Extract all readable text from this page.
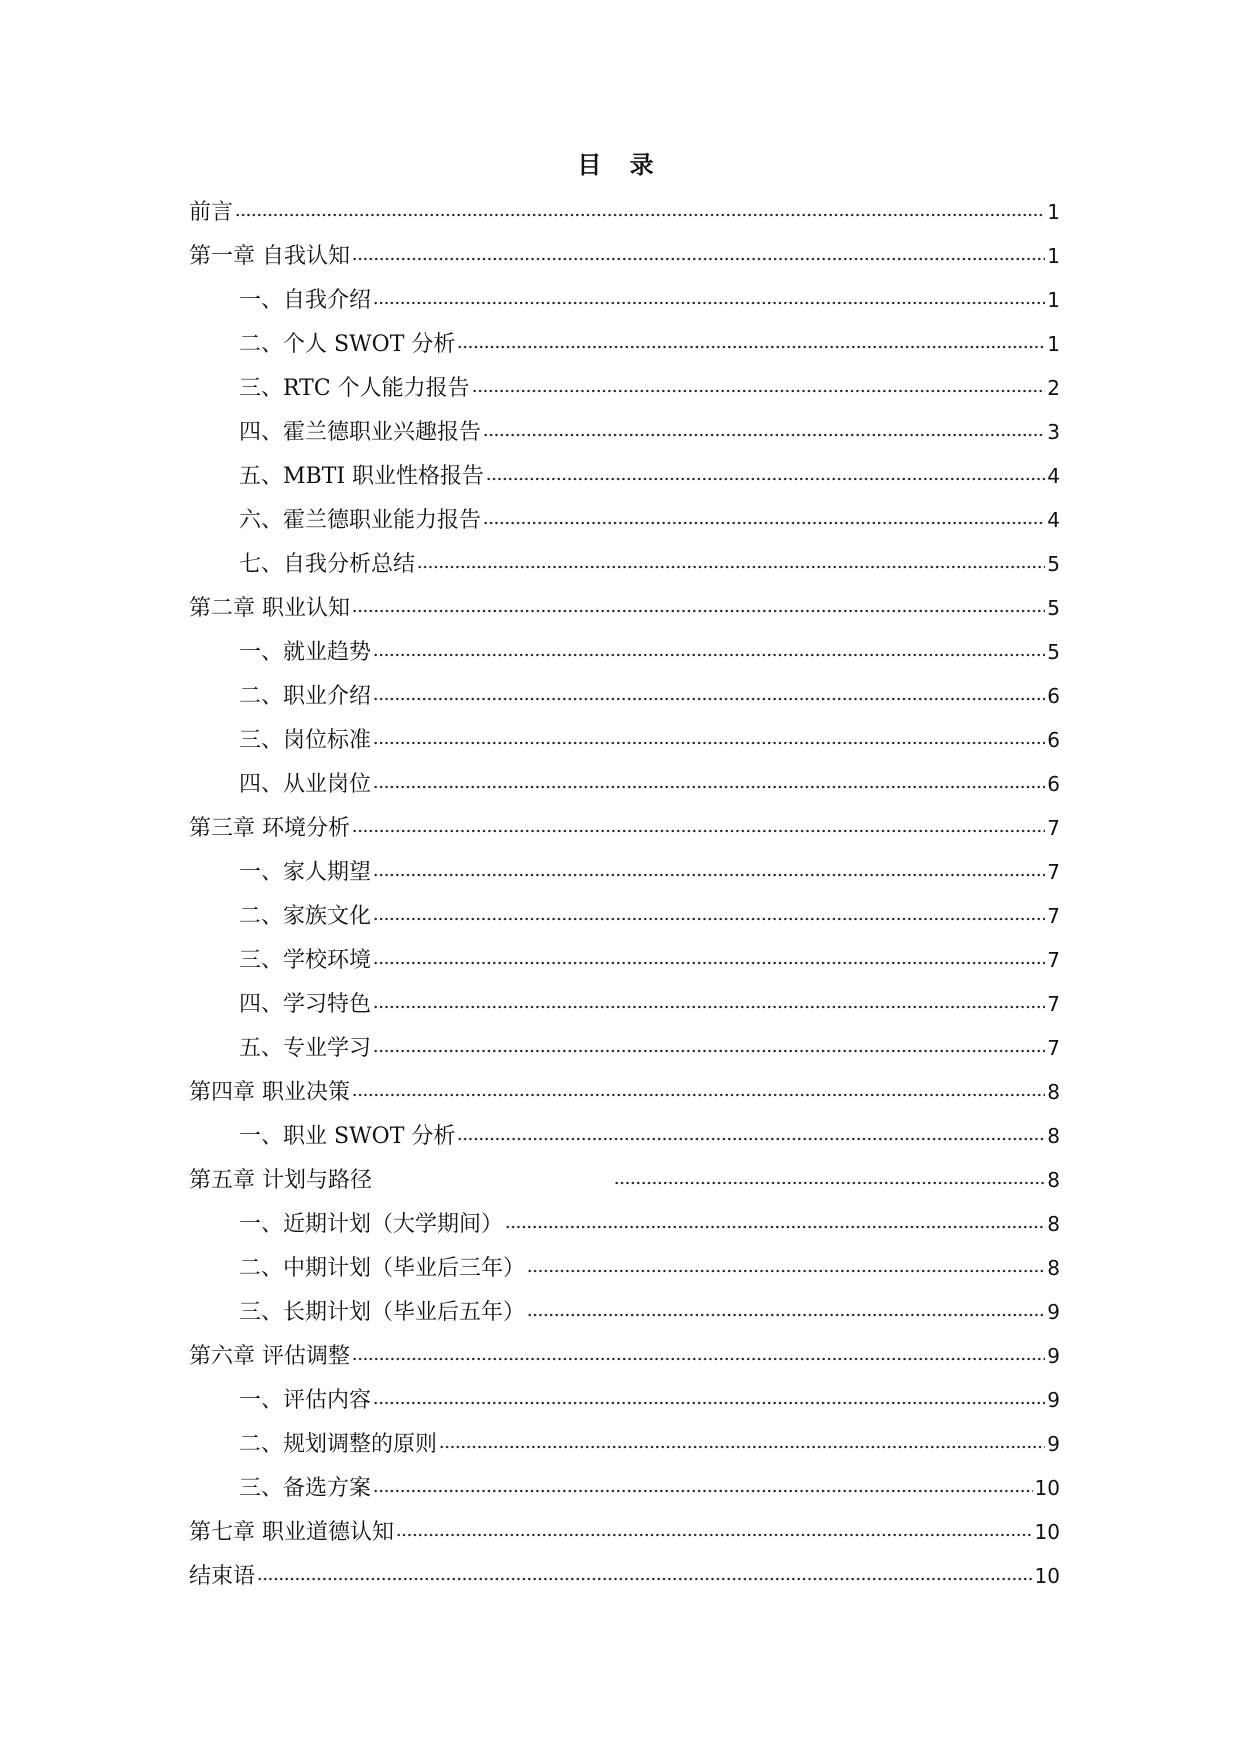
目 录
前言	1
第一章 自我认知	1
一、自我介绍	1
二、个人 SWOT 分析	1
三、RTC 个人能力报告	2
四、霍兰德职业兴趣报告	3
五、MBTI 职业性格报告	4
六、霍兰德职业能力报告	4
七、自我分析总结	5
第二章 职业认知	5
一、就业趋势	5
二、职业介绍	6
三、岗位标准	6
四、从业岗位	6
第三章 环境分析	7
一、家人期望	7
二、家族文化	7
三、学校环境	7
四、学习特色	7
五、专业学习	7
第四章 职业决策	8
一、职业 SWOT 分析	8
第五章 计划与路径	8
一、近期计划（大学期间）	8
二、中期计划（毕业后三年）	8
三、长期计划（毕业后五年）	9
第六章 评估调整	9
一、评估内容	9
二、规划调整的原则	9
三、备选方案	10
第七章 职业道德认知	10
结束语	10
